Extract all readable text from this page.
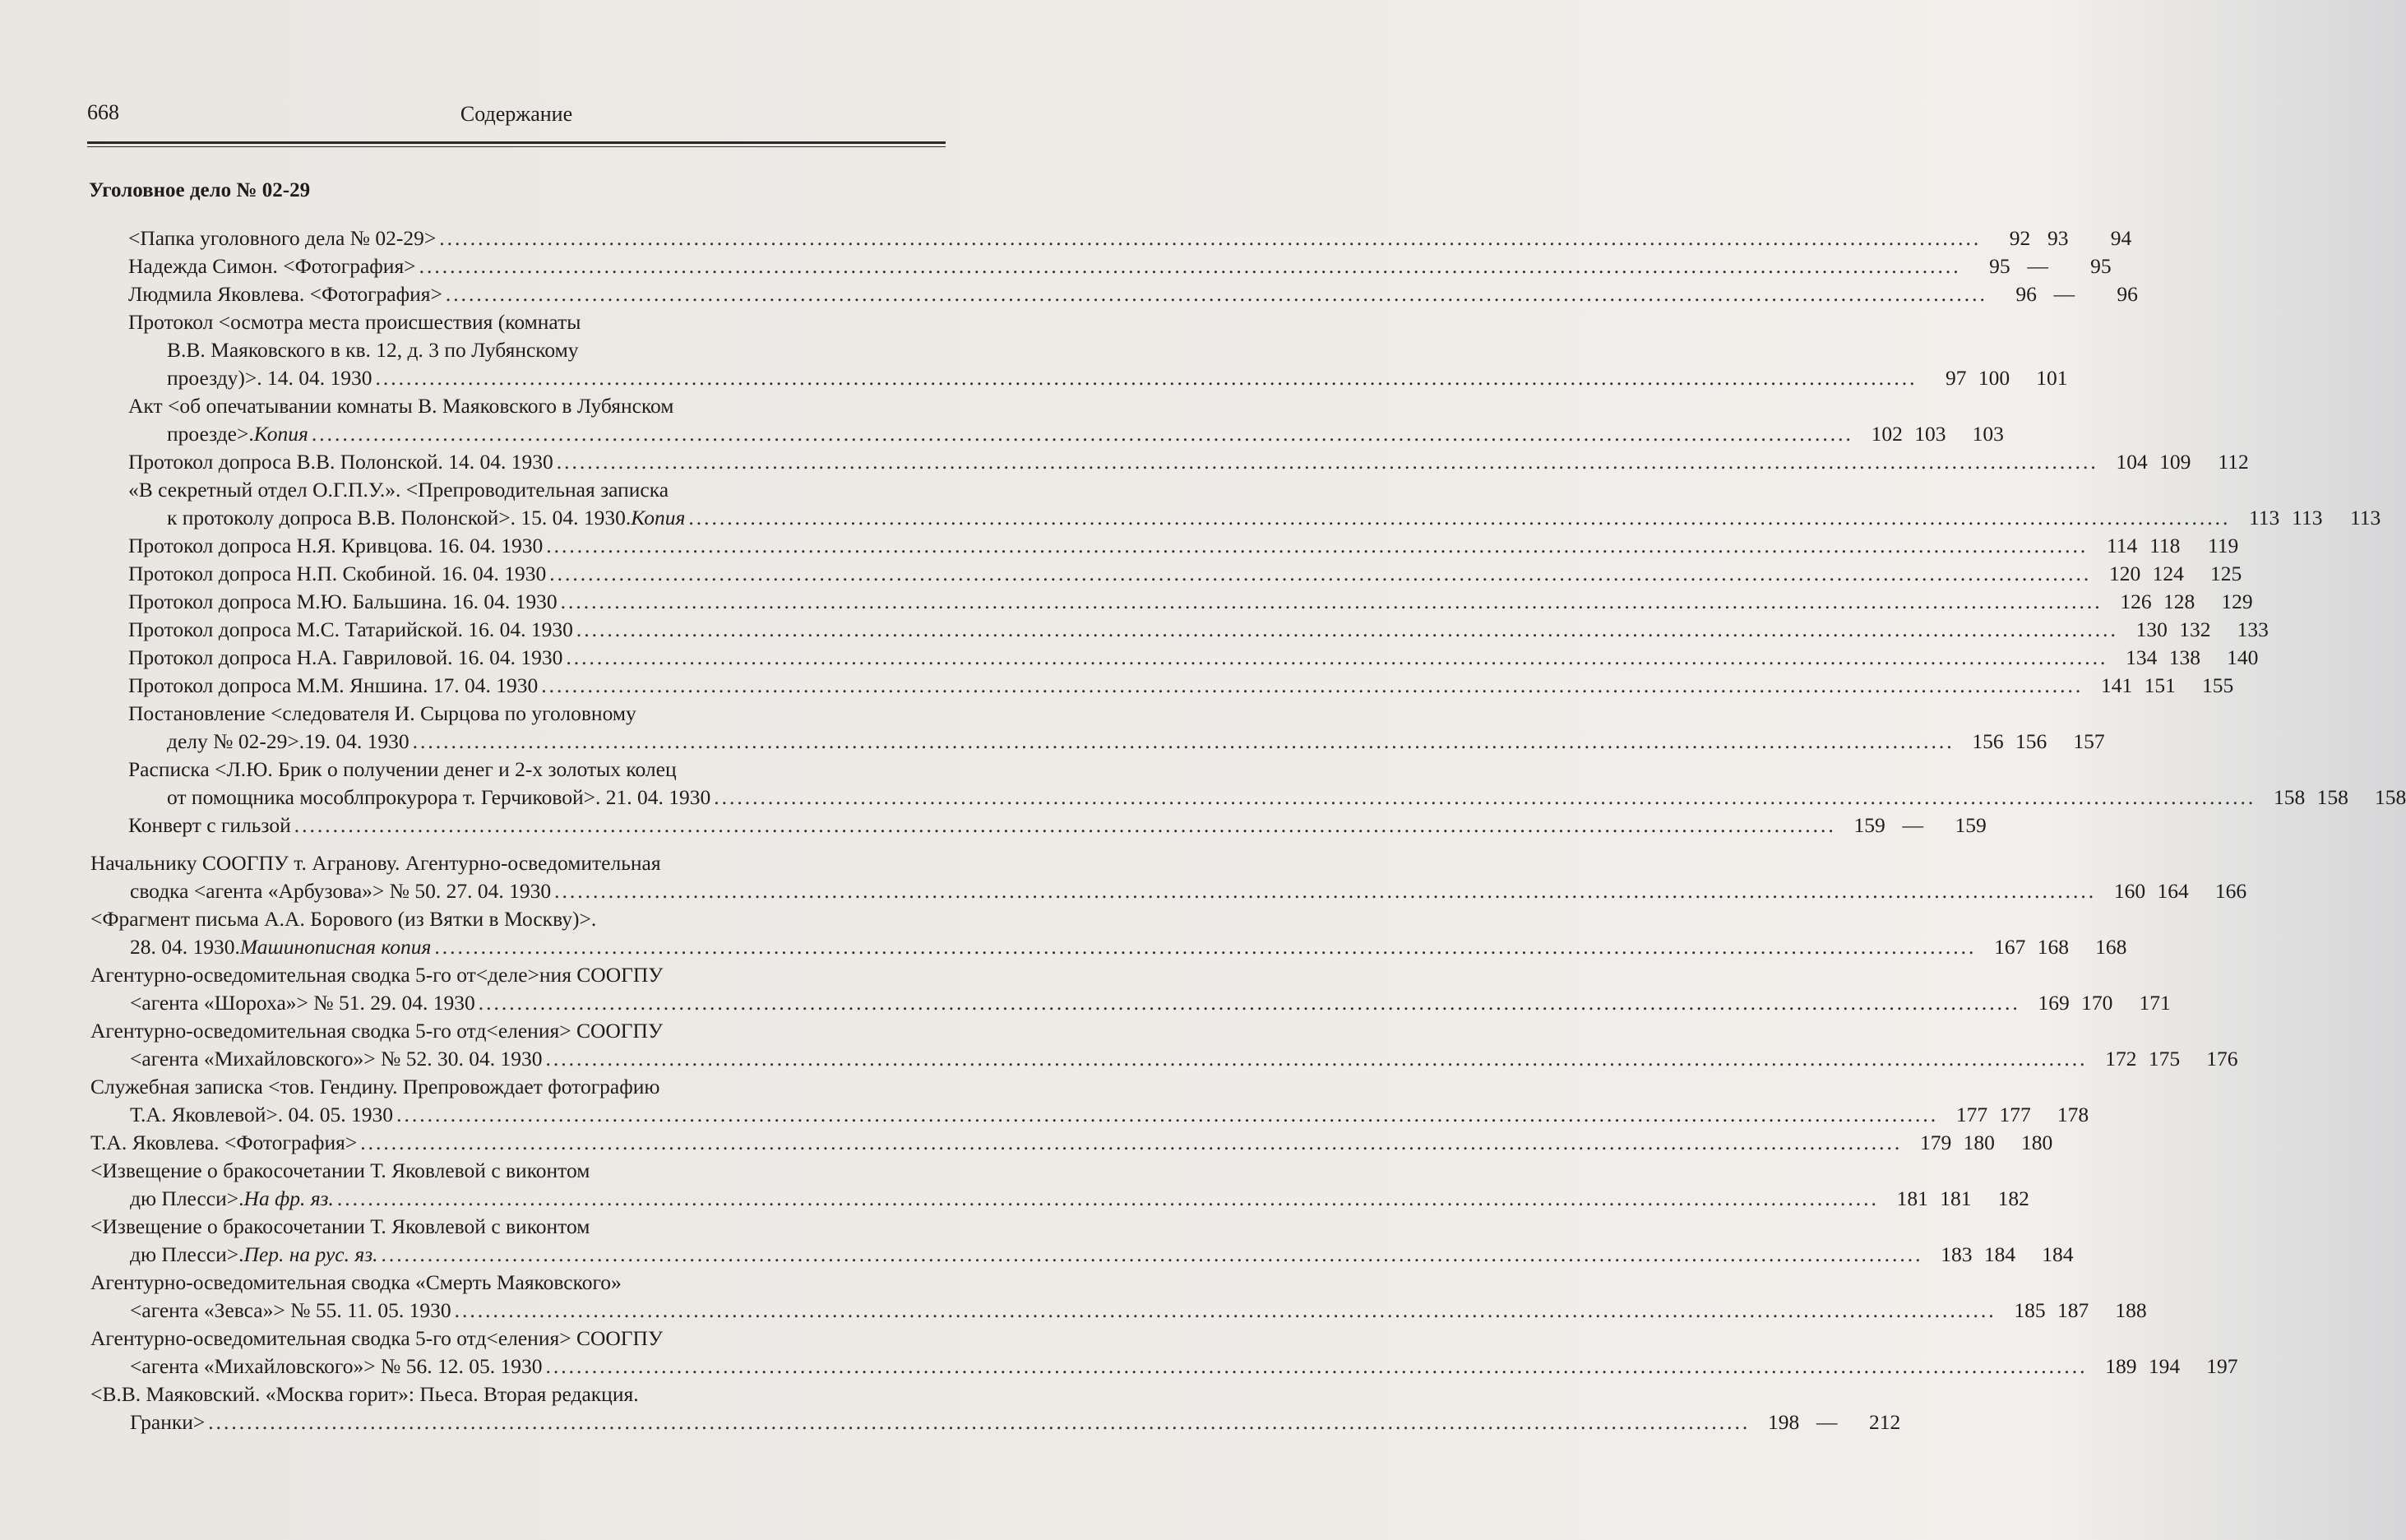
668	Содержание
Уголовное дело № 02-29
<Папка уголовного дела № 02-29> ........................................................................................................................................................................................................	92 93	94
Надежда Симон. <Фотография> ........................................................................................................................................................................................................	95 —	95
Людмила Яковлева. <Фотография> ........................................................................................................................................................................................................	96 —	96
Протокол <осмотра места происшествия (комнаты
В.В. Маяковского в кв. 12, д. 3 по Лубянскому
проезду)>. 14. 04. 1930 ........................................................................................................................................................................................................	97 100	101
Акт <об опечатывании комнаты В. Маяковского в Лубянском
проезде>. Копия ........................................................................................................................................................................................................ 102 103	103
Протокол допроса В.В. Полонской. 14. 04. 1930 ........................................................................................................................................................................................................ 104 109	112
«В секретный отдел О.Г.П.У.». <Препроводительная записка
к протоколу допроса В.В. Полонской>. 15. 04. 1930. Копия ........................................................................................................................................................................................................ 113 113	113
Протокол допроса Н.Я. Кривцова. 16. 04. 1930 ........................................................................................................................................................................................................ 114 118	119
Протокол допроса Н.П. Скобиной. 16. 04. 1930 ........................................................................................................................................................................................................ 120 124	125
Протокол допроса М.Ю. Бальшина. 16. 04. 1930 ........................................................................................................................................................................................................ 126 128	129
Протокол допроса М.С. Татарийской. 16. 04. 1930 ........................................................................................................................................................................................................ 130 132	133
Протокол допроса Н.А. Гавриловой. 16. 04. 1930 ........................................................................................................................................................................................................ 134 138	140
Протокол допроса М.М. Яншина. 17. 04. 1930 ........................................................................................................................................................................................................ 141 151	155
Постановление <следователя И. Сырцова по уголовному
делу № 02-29>.19. 04. 1930 ........................................................................................................................................................................................................ 156 156	157
Расписка <Л.Ю. Брик о получении денег и 2-х золотых колец
от помощника мособлпрокурора т. Герчиковой>. 21. 04. 1930 ........................................................................................................................................................................................................ 158 158	158
Конверт с гильзой ........................................................................................................................................................................................................ 159 —	159
Начальнику СООГПУ т. Агранову. Агентурно-осведомительная
сводка <агента «Арбузова»> № 50. 27. 04. 1930 ........................................................................................................................................................................................................ 160 164	166
<Фрагмент письма А.А. Борового (из Вятки в Москву)>.
28. 04. 1930. Машинописная копия ........................................................................................................................................................................................................ 167 168	168
Агентурно-осведомительная сводка 5-го от<деле>ния СООГПУ
<агента «Шороха»> № 51. 29. 04. 1930 ........................................................................................................................................................................................................ 169 170	171
Агентурно-осведомительная сводка 5-го отд<еления> СООГПУ
<агента «Михайловского»> № 52. 30. 04. 1930 ........................................................................................................................................................................................................ 172 175	176
Служебная записка <тов. Гендину. Препровождает фотографию
Т.А. Яковлевой>. 04. 05. 1930 ........................................................................................................................................................................................................ 177 177	178
Т.А. Яковлева. <Фотография> ........................................................................................................................................................................................................ 179 180	180
<Извещение о бракосочетании Т. Яковлевой с виконтом
дю Плесси>. На фр. яз. ........................................................................................................................................................................................................ 181 181	182
<Извещение о бракосочетании Т. Яковлевой с виконтом
дю Плесси>. Пер. на рус. яз. ........................................................................................................................................................................................................ 183 184	184
Агентурно-осведомительная сводка «Смерть Маяковского»
<агента «Зевса»> № 55. 11. 05. 1930 ........................................................................................................................................................................................................ 185 187	188
Агентурно-осведомительная сводка 5-го отд<еления> СООГПУ
<агента «Михайловского»> № 56. 12. 05. 1930 ........................................................................................................................................................................................................ 189 194	197
<В.В. Маяковский. «Москва горит»: Пьеса. Вторая редакция.
Гранки> ........................................................................................................................................................................................................ 198 —	212
